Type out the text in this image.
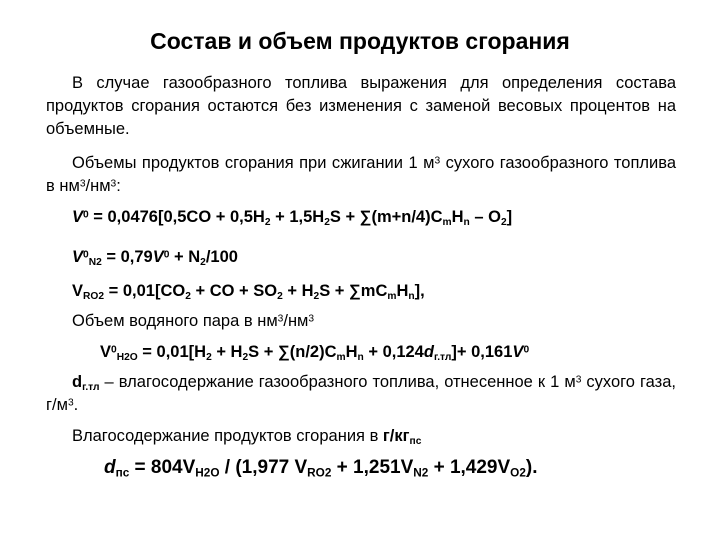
Состав и объем продуктов сгорания
В случае газообразного топлива выражения для определения состава продуктов сгорания остаются без изменения с заменой весовых процентов на объемные.
Объемы продуктов сгорания при сжигании 1 $м^3$ сухого газообразного топлива в $нм^3/нм^3$:
$V^0 = 0,0476[0,5CO + 0,5H_2 + 1,5H_2S + \sum(m+n/4)C_mH_n - O_2]$
$V^0_{N2} = 0,79V^0 + N_2/100$
$V_{RO2} = 0,01[CO_2$ + CO + $SO_2 + H_2S + \sum mC_mH_n$],
Объем водяного пара в $нм^3/нм^3$
$V^0_{H2O} = 0,01[H_2 + H_2S + \sum(n/2)C_mH_n + 0,124d_{г.тл}]+ 0,161V^0$
$d_{г.тл}$ – влагосодержание газообразного топлива, отнесенное к 1 $м^3$ сухого газа, $г/м^3$.
Влагосодержание продуктов сгорания в $г/кг_{пс}$
$d_{пс} = 804V_{H2O} / (1,977$ $V_{RO2} + 1,251V_{N2} + 1,429V_{O2}$).
